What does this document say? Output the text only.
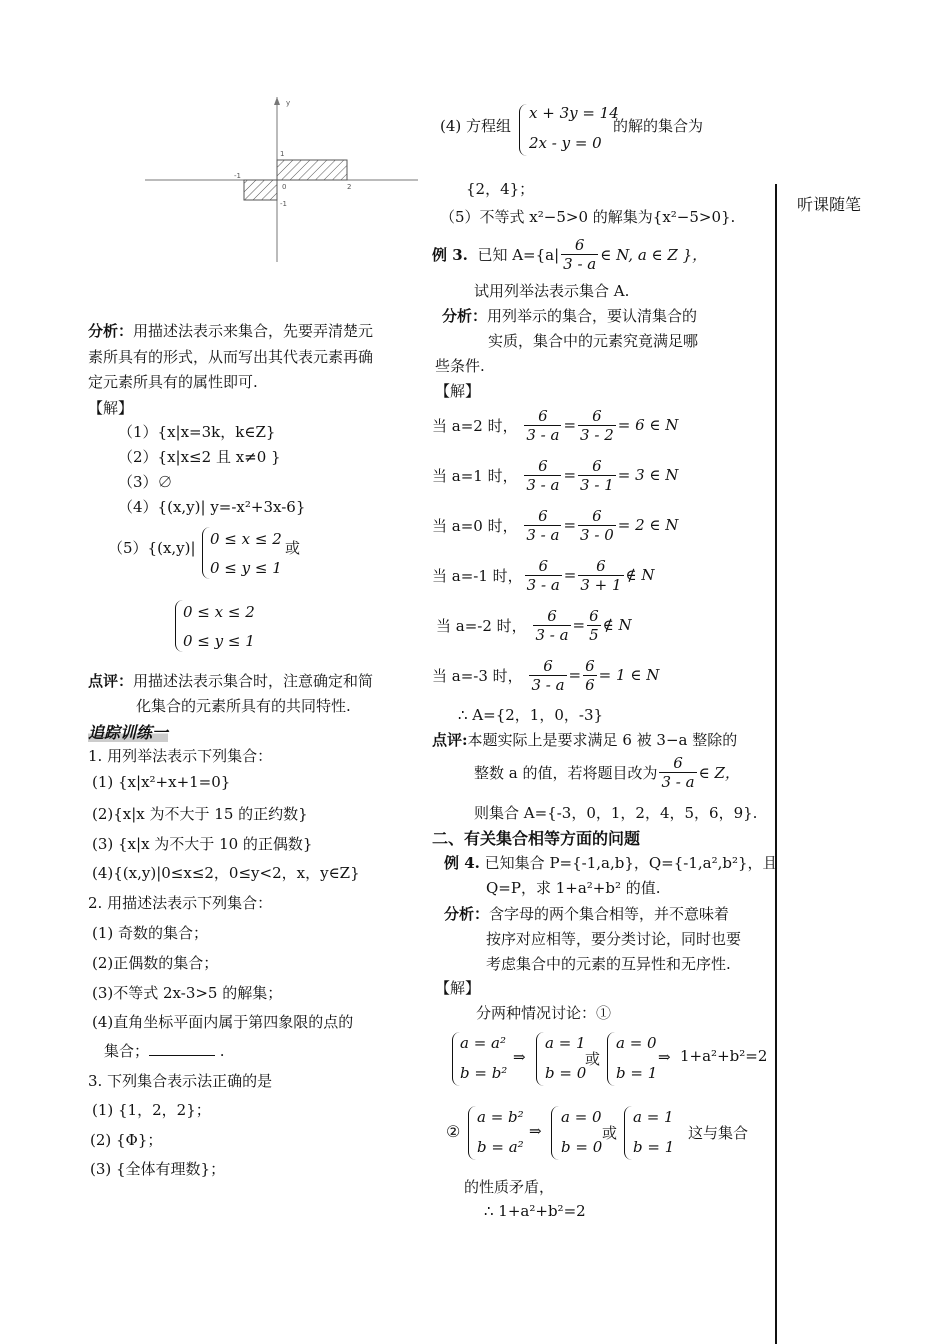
听课随笔
y
-1
1
0	2
-1
分析：用描述法表示来集合，先要弄清楚元
素所具有的形式，从而写出其代表元素再确
定元素所具有的属性即可.
【解】
（1）{x|x=3k，k∈Z}
（2）{x|x≤2 且 x≠0 }
（3）∅
（4）{(x,y)| y=-x²+3x-6}
（5）{(x,y)| 0 ≤ x ≤ 2
0 ≤ y ≤ 1
或
0 ≤ x ≤ 2
0 ≤ y ≤ 1
点评：用描述法表示集合时，注意确定和简
化集合的元素所具有的共同特性.
追踪训练一
1. 用列举法表示下列集合：
(1) {x|x²+x+1=0}
(2){x|x 为不大于 15 的正约数}
(3) {x|x 为不大于 10 的正偶数}
(4){(x,y)|0≤x≤2，0≤y<2，x，y∈Z}
2. 用描述法表示下列集合：
(1) 奇数的集合；
(2)正偶数的集合；
(3)不等式 2x-3>5 的解集；
(4)直角坐标平面内属于第四象限的点的
集合；	.
3. 下列集合表示法正确的是
(1) {1，2，2}；
(2) {Φ}；
(3) {全体有理数}；
(4) 方程组
x + 3y = 14
2x - y = 0
的解的集合为
{2，4}；
（5）不等式 x²−5>0 的解集为{x²−5>0}.
例 3.
已知 $A=\{a| \frac{6}{3 - a}$ ∈ N, a ∈ Z }，
试用列举法表示集合 A.
分析：用列举示的集合，要认清集合的
实质，集合中的元素究竟满足哪
些条件.
【解】
当 a=2 时，
$\frac{6}{3 - a} = \frac{6}{3 - 2} = 6$ ∈ N
当 a=1 时，
$\frac{6}{3 - a} = \frac{6}{3 - 1} = 3$ ∈ N
当 a=0 时，
$\frac{6}{3 - a} = \frac{6}{3 - 0} = 2$ ∈ N
当 a=-1 时， $\frac{6}{3 - a} = \frac{6}{3 + 1}$ ∉ N
当 a=-2 时，
$\frac{6}{3 - a} = \frac{6}{5}$ ∉ N
当 a=-3 时，
$\frac{6}{3 - a} = \frac{6}{6} = 1$ ∈ N
∴ A={2，1，0，-3}
点评:本题实际上是要求满足 6 被 3−a 整除的
整数 a 的值，若将题目改为 $\frac{6}{3 - a}$ ∈ Z，
则集合 A={-3，0，1，2，4，5，6，9}.
二、有关集合相等方面的问题
例 4. 已知集合 P={-1,a,b}，Q={-1,a²,b²}，且
Q=P，求 1+a²+b² 的值.
分析：含字母的两个集合相等，并不意味着
按序对应相等，要分类讨论，同时也要
考虑集合中的元素的互异性和无序性.
【解】
分两种情况讨论：①
a = a²
b = b²
⇒
a = 1
b = 0
或
a = 0
b = 1
⇒ 1+a²+b²=2
②
a = b²
b = a²
⇒
a = 0
b = 0
或
a = 1
b = 1
这与集合
的性质矛盾，
∴ 1+a²+b²=2
